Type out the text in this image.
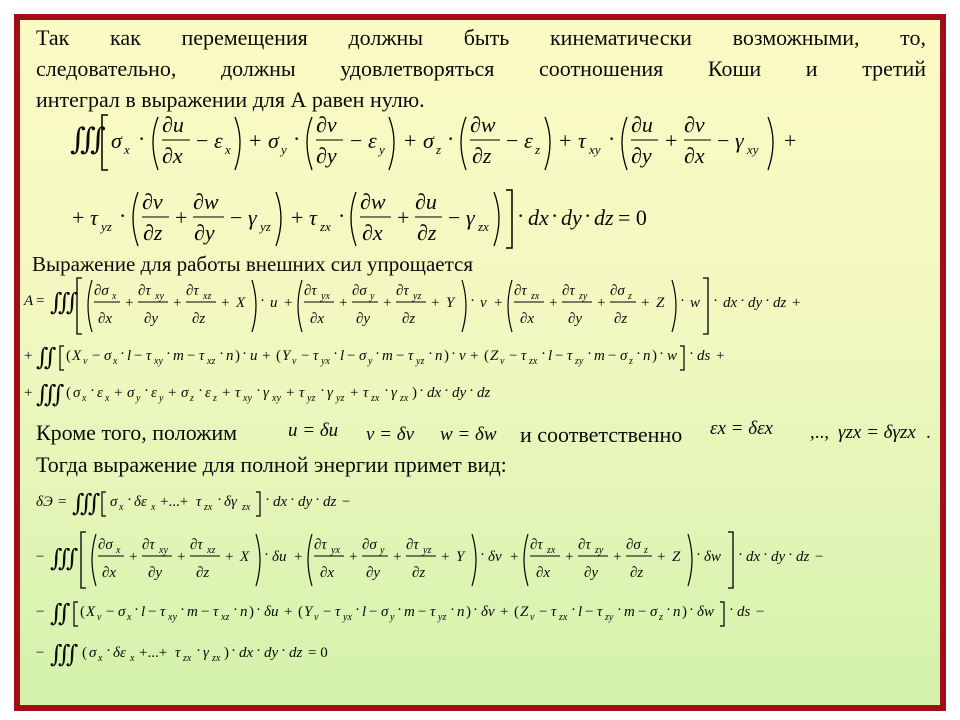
Так как перемещения должны быть кинематически возможными, то,
следовательно, должны удовлетворяться соотношения Коши и третий
интеграл в выражении для А равен нулю.
∭ σ x ·
∂u
∂x
− ε x + σ y ·
∂v
∂y
− ε y + σ z ·
∂w
∂z
− ε z + τ xy ·
∂u
∂y
+
∂v
∂x
− γ xy +
+ τ yz ·
∂v
∂z
+
∂w
∂y
− γ yz + τ zx ·
∂w
∂x
+
∂u
∂z
− γ zx · dx · dy · dz = 0
Выражение для работы внешних сил упрощается
A = ∭ ∂σ x
∂x
+
∂τ xy
∂y
+
∂τ xz
∂z
+ X · u +
∂τ yx
∂x
+
∂σ y
∂y
+
∂τ yz
∂z
+ Y · v +
∂τ zx
∂x
+
∂τ zy
∂y
+
∂σ z
∂z
+ Z · w · dx · dy · dz +
+ ∬ ( X v − σ x · l − τ xy · m − τ xz · n ) · u + ( Y v − τ yx · l − σ y · m − τ yz · n ) · v + ( Z v − τ zx · l − τ zy · m − σ z · n ) · w · ds +
+ ∭ ( σ x · ε x + σ y · ε y + σ z · ε z + τ xy · γ xy + τ yz · γ yz + τ zx · γ zx ) · dx · dy · dz
Кроме того, положим	u = δu v = δv w = δw и соответственно εx = δεx ,.., γzx = δγzx .
Тогда выражение для полной энергии примет вид:
δЭ = ∭ σ x · δε x +...+ τ zx · δγ zx · dx · dy · dz −
− ∭
∂σ x
∂x
+
∂τ xy
∂y
+
∂τ xz
∂z
+ X · δu +
∂τ yx
∂x
+
∂σ y
∂y
+
∂τ yz
∂z
+ Y · δv +
∂τ zx
∂x
+
∂τ zy
∂y
+
∂σ z
∂z
+ Z · δw · dx · dy · dz −
− ∬ ( X v − σ x · l − τ xy · m − τ xz · n ) · δu + ( Y v − τ yx · l − σ y · m − τ yz · n ) · δv + ( Z v − τ zx · l − τ zy · m − σ z · n ) · δw · ds −
− ∭ ( σ x · δε x +...+ τ zx · γ zx ) · dx · dy · dz = 0
